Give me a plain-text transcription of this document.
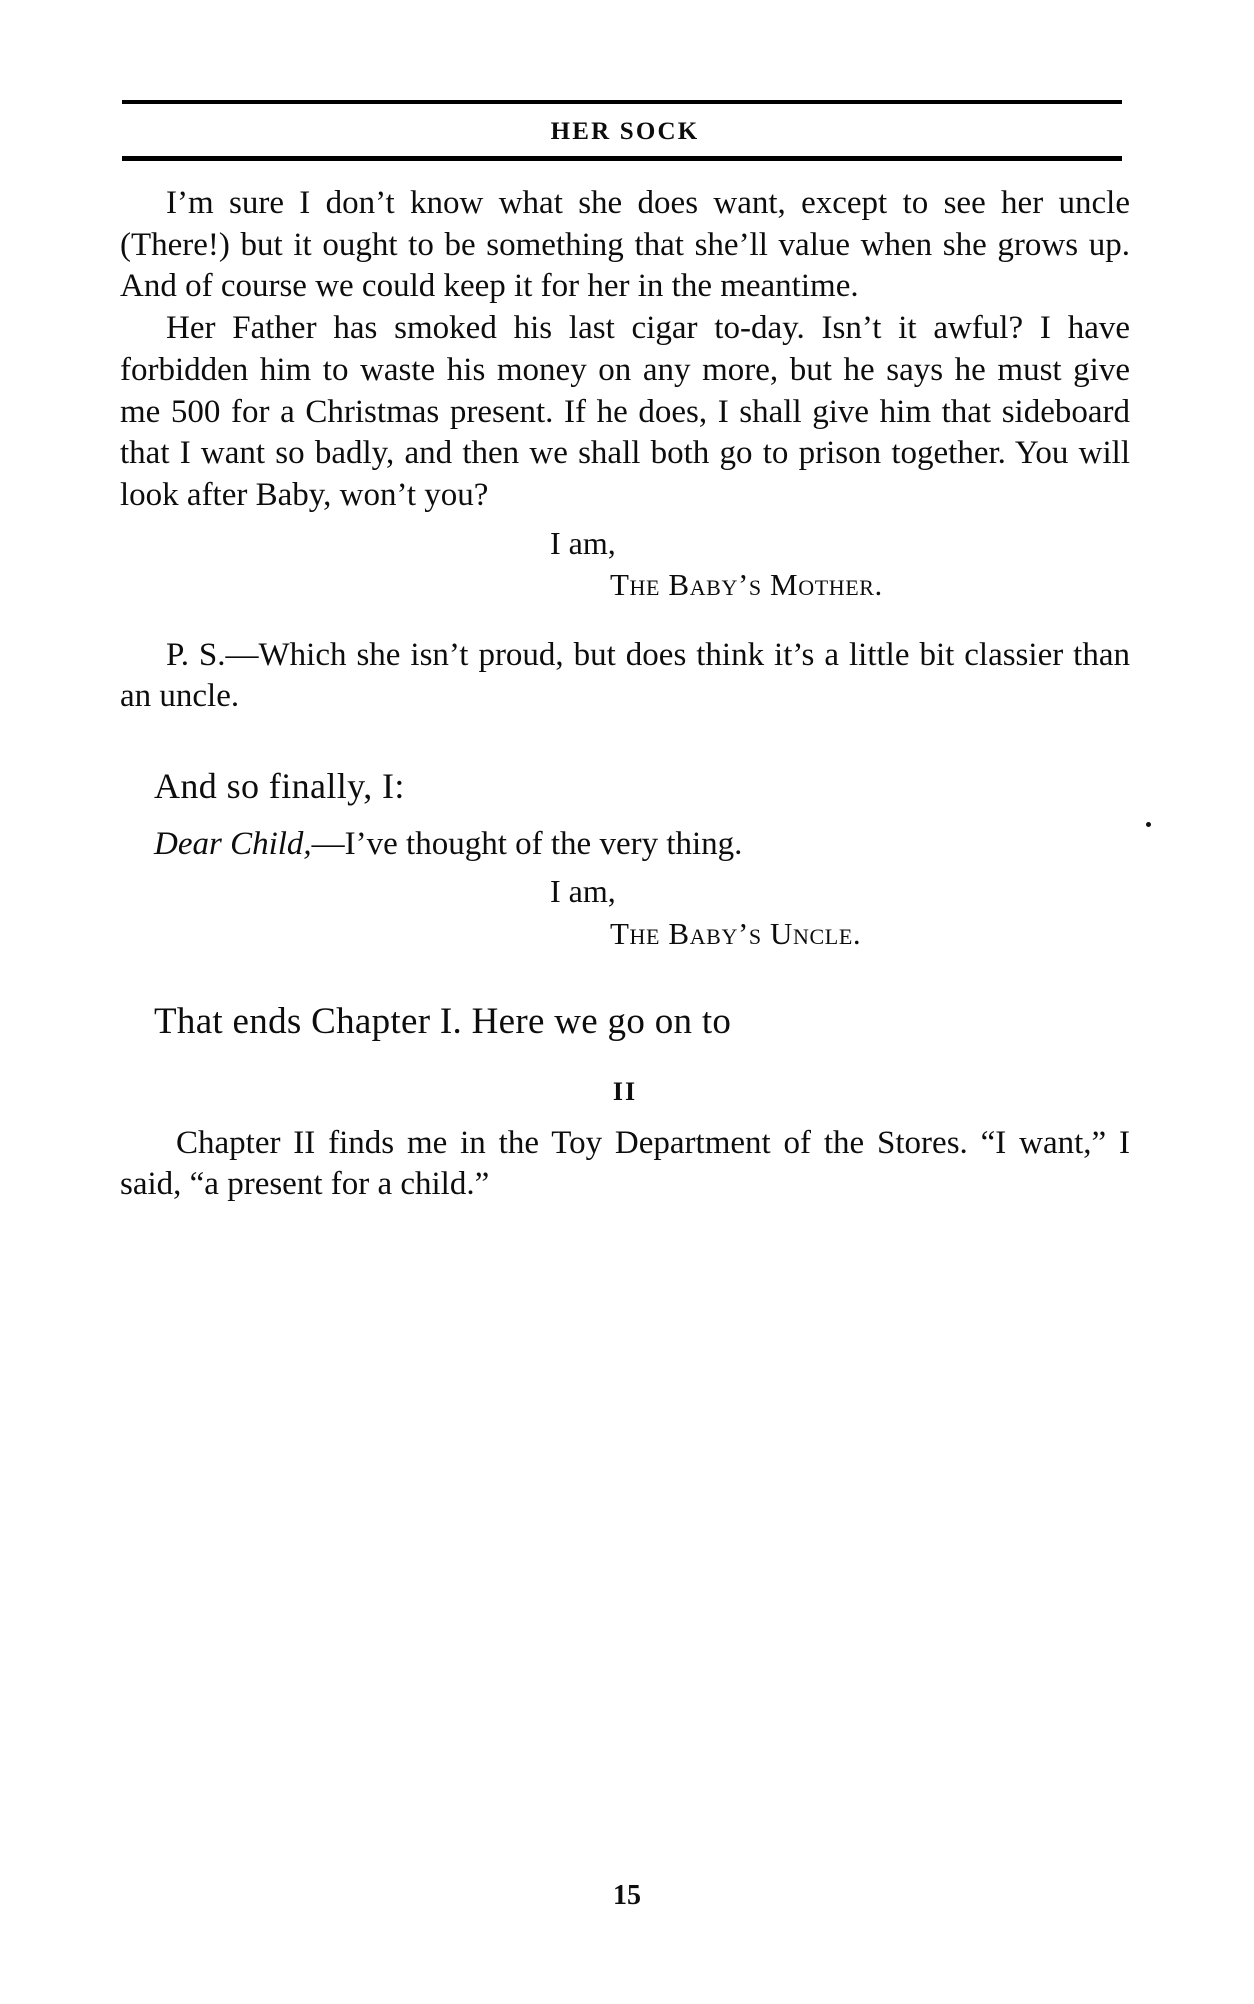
HER SOCK

I’m sure I don’t know what she does want, except to see her uncle (There!) but it ought to be something that she’ll value when she grows up. And of course we could keep it for her in the meantime.

Her Father has smoked his last cigar to-day. Isn’t it awful? I have forbidden him to waste his money on any more, but he says he must give me 500 for a Christmas present. If he does, I shall give him that sideboard that I want so badly, and then we shall both go to prison together. You will look after Baby, won’t you?

I am,

The Baby’s Mother.

P. S.—Which she isn’t proud, but does think it’s a little bit classier than an uncle.

And so finally, I:

Dear Child,—I’ve thought of the very thing.

I am,

The Baby’s Uncle.

That ends Chapter I. Here we go on to

II

Chapter II finds me in the Toy Department of the Stores. “I want,” I said, “a present for a child.”

15
